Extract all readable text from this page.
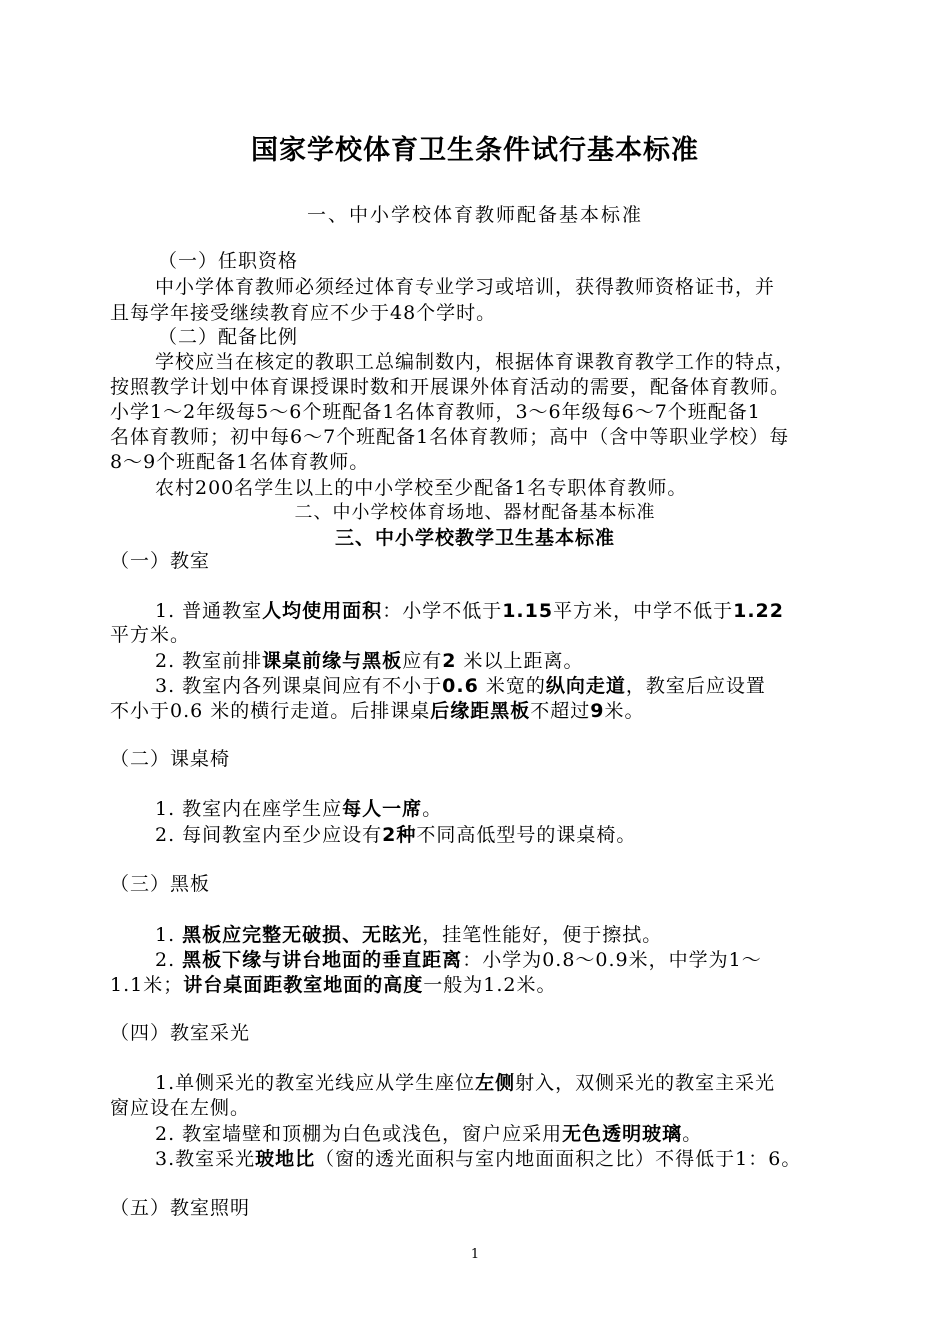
国家学校体育卫生条件试行基本标准
一、中小学校体育教师配备基本标准
（一）任职资格
中小学体育教师必须经过体育专业学习或培训，获得教师资格证书，并
且每学年接受继续教育应不少于48个学时。
（二）配备比例
学校应当在核定的教职工总编制数内，根据体育课教育教学工作的特点，
按照教学计划中体育课授课时数和开展课外体育活动的需要，配备体育教师。
小学1～2年级每5～6个班配备1名体育教师，3～6年级每6～7个班配备1
名体育教师；初中每6～7个班配备1名体育教师；高中（含中等职业学校）每
8～9个班配备1名体育教师。
农村200名学生以上的中小学校至少配备1名专职体育教师。
二、中小学校体育场地、器材配备基本标准
三、中小学校教学卫生基本标准
（一）教室
1. 普通教室人均使用面积：小学不低于1.15平方米，中学不低于1.22
平方米。
2. 教室前排课桌前缘与黑板应有2 米以上距离。
3. 教室内各列课桌间应有不小于0.6 米宽的纵向走道，教室后应设置
不小于0.6 米的横行走道。后排课桌后缘距黑板不超过9米。
（二）课桌椅
1. 教室内在座学生应每人一席。
2. 每间教室内至少应设有2种不同高低型号的课桌椅。
（三）黑板
1. 黑板应完整无破损、无眩光，挂笔性能好，便于擦拭。
2. 黑板下缘与讲台地面的垂直距离：小学为0.8～0.9米，中学为1～
1.1米；讲台桌面距教室地面的高度一般为1.2米。
（四）教室采光
1.单侧采光的教室光线应从学生座位左侧射入，双侧采光的教室主采光
窗应设在左侧。
2. 教室墙壁和顶棚为白色或浅色，窗户应采用无色透明玻璃。
3.教室采光玻地比（窗的透光面积与室内地面面积之比）不得低于1：6。
（五）教室照明
1
